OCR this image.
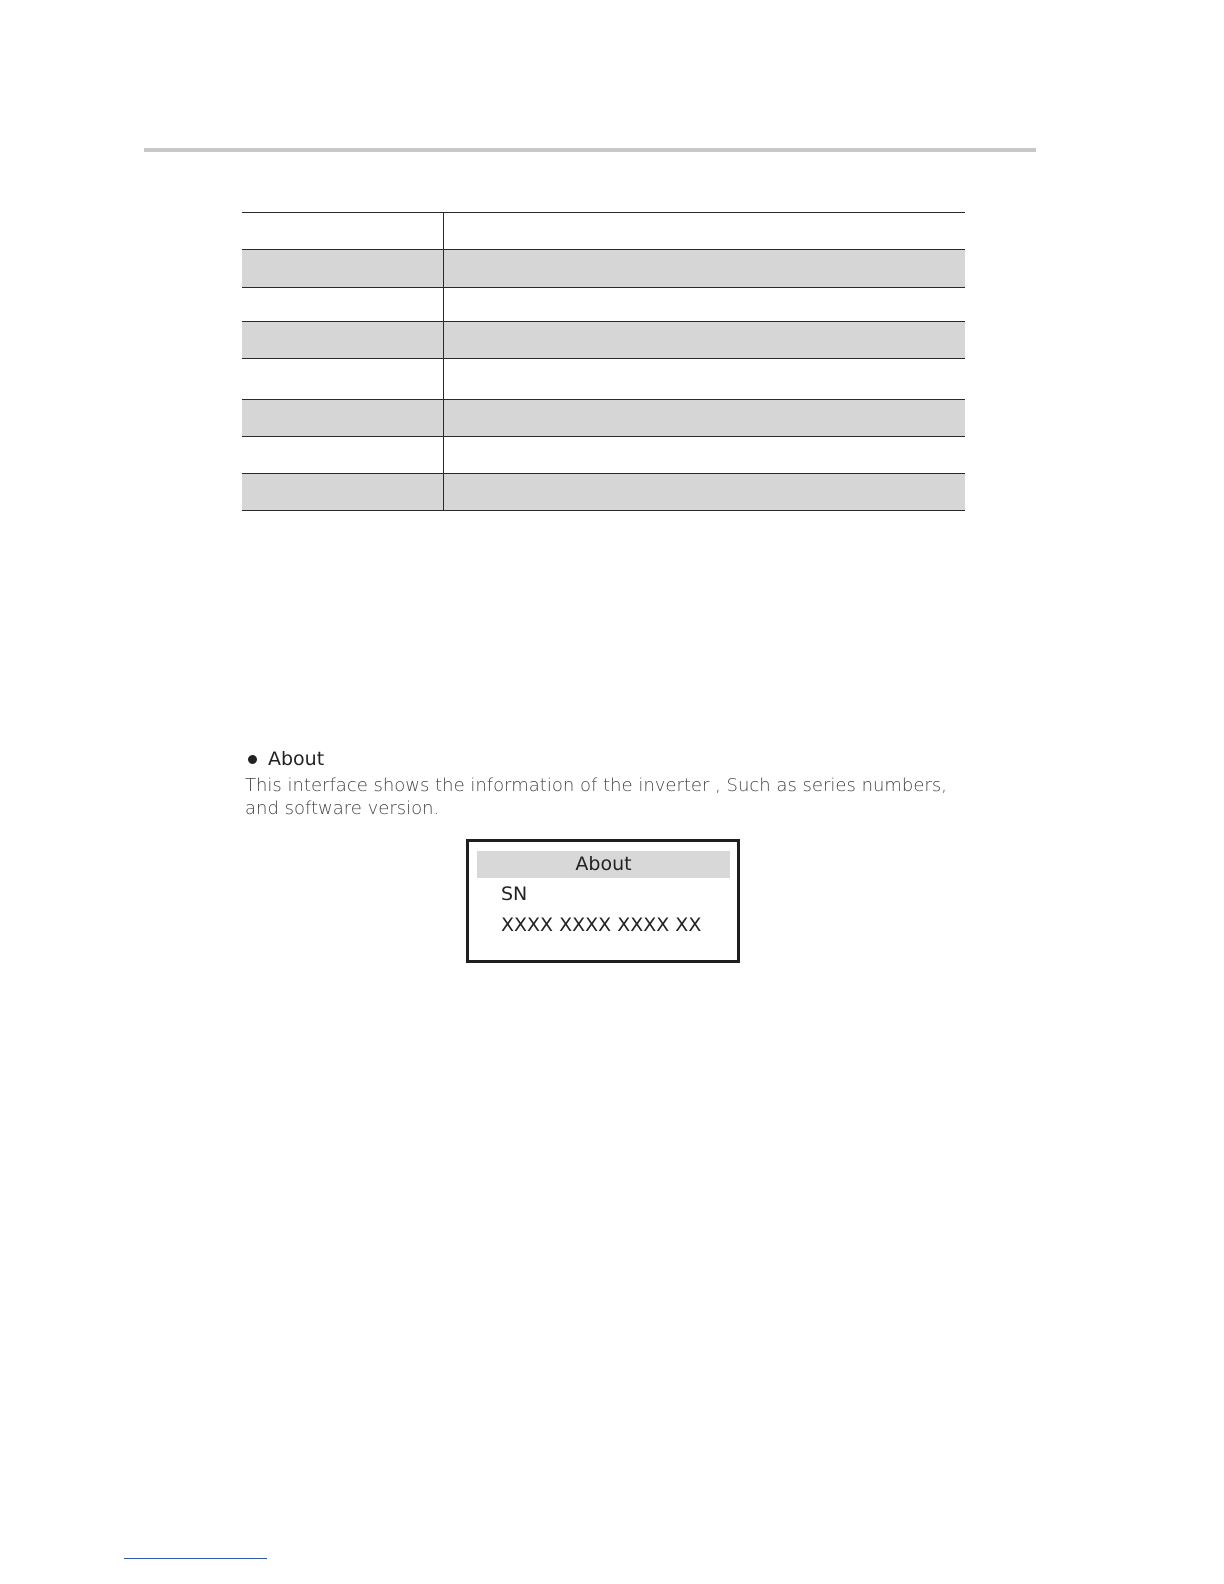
About

This interface shows the information of the inverter , Such as series numbers, and software version.

About
SN
XXXX XXXX XXXX XX
